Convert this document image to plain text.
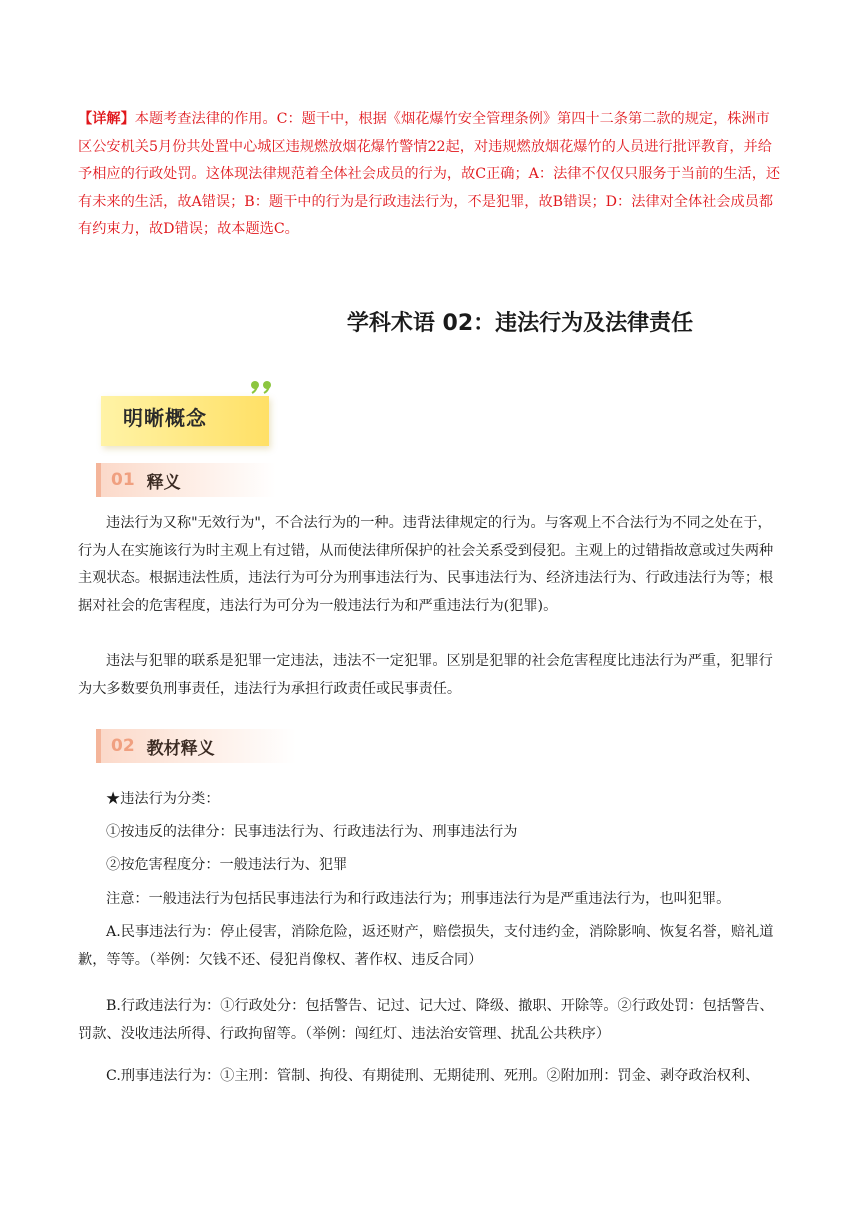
【详解】本题考查法律的作用。C：题干中，根据《烟花爆竹安全管理条例》第四十二条第二款的规定，株洲市区公安机关5月份共处置中心城区违规燃放烟花爆竹警情22起，对违规燃放烟花爆竹的人员进行批评教育，并给予相应的行政处罚。这体现法律规范着全体社会成员的行为，故C正确；A：法律不仅仅只服务于当前的生活，还有未来的生活，故A错误；B：题干中的行为是行政违法行为，不是犯罪，故B错误；D：法律对全体社会成员都有约束力，故D错误；故本题选C。

学科术语 02：违法行为及法律责任
明晰概念
01 释义

违法行为又称"无效行为"，不合法行为的一种。违背法律规定的行为。与客观上不合法行为不同之处在于，行为人在实施该行为时主观上有过错，从而使法律所保护的社会关系受到侵犯。主观上的过错指故意或过失两种主观状态。根据违法性质，违法行为可分为刑事违法行为、民事违法行为、经济违法行为、行政违法行为等；根据对社会的危害程度，违法行为可分为一般违法行为和严重违法行为(犯罪)。

违法与犯罪的联系是犯罪一定违法，违法不一定犯罪。区别是犯罪的社会危害程度比违法行为严重，犯罪行为大多数要负刑事责任，违法行为承担行政责任或民事责任。

02 教材释义

★违法行为分类：

①按违反的法律分：民事违法行为、行政违法行为、刑事违法行为

②按危害程度分：一般违法行为、犯罪

注意：一般违法行为包括民事违法行为和行政违法行为；刑事违法行为是严重违法行为，也叫犯罪。

A.民事违法行为：停止侵害，消除危险，返还财产，赔偿损失，支付违约金，消除影响、恢复名誉，赔礼道歉，等等。（举例：欠钱不还、侵犯肖像权、著作权、违反合同）

B.行政违法行为：①行政处分：包括警告、记过、记大过、降级、撤职、开除等。②行政处罚：包括警告、罚款、没收违法所得、行政拘留等。（举例：闯红灯、违法治安管理、扰乱公共秩序）

C.刑事违法行为：①主刑：管制、拘役、有期徒刑、无期徒刑、死刑。②附加刑：罚金、剥夺政治权利、
